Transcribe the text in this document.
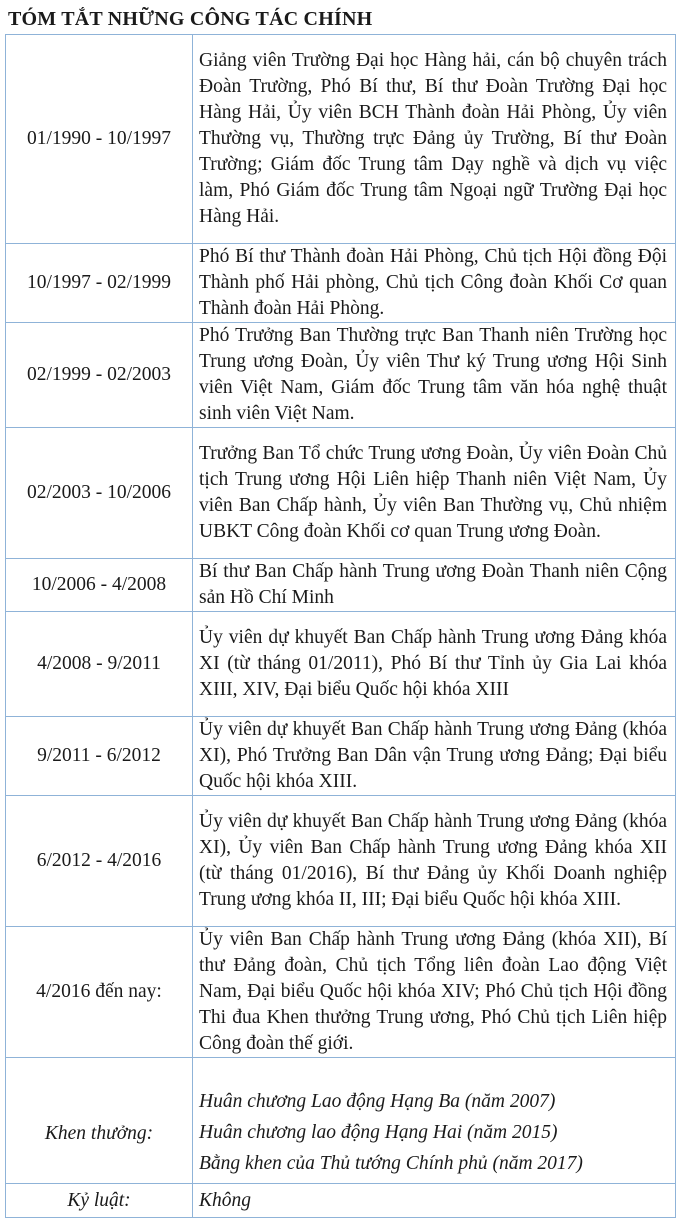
TÓM TẮT NHỮNG CÔNG TÁC CHÍNH
01/1990 - 10/1997	Giảng viên Trường Đại học Hàng hải, cán bộ chuyên trách Đoàn Trường, Phó Bí thư, Bí thư Đoàn Trường Đại học Hàng Hải, Ủy viên BCH Thành đoàn Hải Phòng, Ủy viên Thường vụ, Thường trực Đảng ủy Trường, Bí thư Đoàn Trường; Giám đốc Trung tâm Dạy nghề và dịch vụ việc làm, Phó Giám đốc Trung tâm Ngoại ngữ Trường Đại học Hàng Hải.
10/1997 - 02/1999	Phó Bí thư Thành đoàn Hải Phòng, Chủ tịch Hội đồng Đội Thành phố Hải phòng, Chủ tịch Công đoàn Khối Cơ quan Thành đoàn Hải Phòng.
02/1999 - 02/2003	Phó Trưởng Ban Thường trực Ban Thanh niên Trường học Trung ương Đoàn, Ủy viên Thư ký Trung ương Hội Sinh viên Việt Nam, Giám đốc Trung tâm văn hóa nghệ thuật sinh viên Việt Nam.
02/2003 - 10/2006	Trưởng Ban Tổ chức Trung ương Đoàn, Ủy viên Đoàn Chủ tịch Trung ương Hội Liên hiệp Thanh niên Việt Nam, Ủy viên Ban Chấp hành, Ủy viên Ban Thường vụ, Chủ nhiệm UBKT Công đoàn Khối cơ quan Trung ương Đoàn.
10/2006 - 4/2008	Bí thư Ban Chấp hành Trung ương Đoàn Thanh niên Cộng sản Hồ Chí Minh
4/2008 - 9/2011	Ủy viên dự khuyết Ban Chấp hành Trung ương Đảng khóa XI (từ tháng 01/2011), Phó Bí thư Tỉnh ủy Gia Lai khóa XIII, XIV, Đại biểu Quốc hội khóa XIII
9/2011 - 6/2012	Ủy viên dự khuyết Ban Chấp hành Trung ương Đảng (khóa XI), Phó Trưởng Ban Dân vận Trung ương Đảng; Đại biểu Quốc hội khóa XIII.
6/2012 - 4/2016	Ủy viên dự khuyết Ban Chấp hành Trung ương Đảng (khóa XI), Ủy viên Ban Chấp hành Trung ương Đảng khóa XII (từ tháng 01/2016), Bí thư Đảng ủy Khối Doanh nghiệp Trung ương khóa II, III; Đại biểu Quốc hội khóa XIII.
4/2016 đến nay:	Ủy viên Ban Chấp hành Trung ương Đảng (khóa XII), Bí thư Đảng đoàn, Chủ tịch Tổng liên đoàn Lao động Việt Nam, Đại biểu Quốc hội khóa XIV; Phó Chủ tịch Hội đồng Thi đua Khen thưởng Trung ương, Phó Chủ tịch Liên hiệp Công đoàn thế giới.
Khen thưởng:	Huân chương Lao động Hạng Ba (năm 2007)
Huân chương lao động Hạng Hai (năm 2015)
Bằng khen của Thủ tướng Chính phủ (năm 2017)

Kỷ luật:	Không
